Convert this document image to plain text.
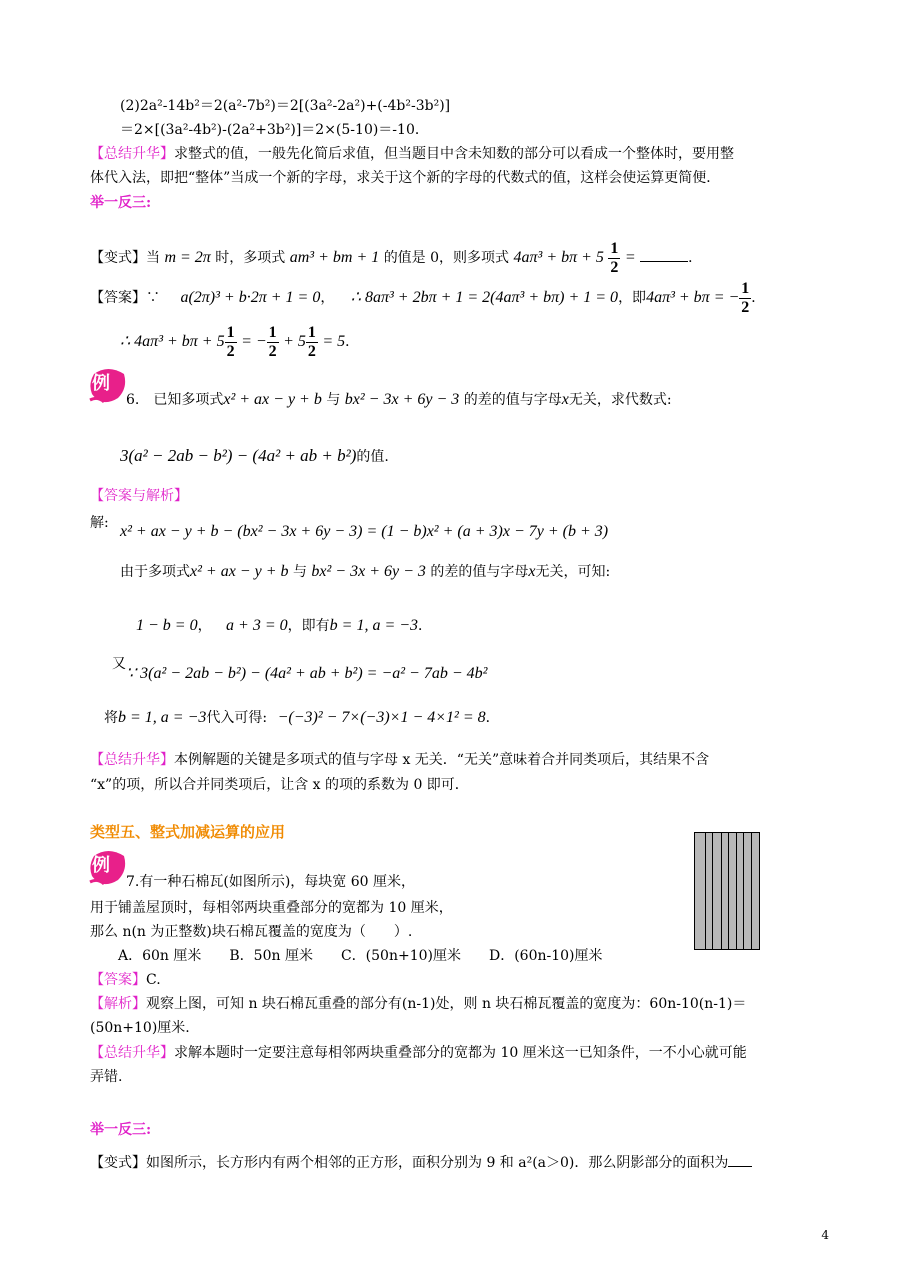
(2)2a²-14b²＝2(a²-7b²)＝2[(3a²-2a²)+(-4b²-3b²)]
＝2×[(3a²-4b²)-(2a²+3b²)]＝2×(5-10)＝-10．
【总结升华】求整式的值，一般先化简后求值，但当题目中含未知数的部分可以看成一个整体时，要用整
体代入法，即把“整体”当成一个新的字母，求关于这个新的字母的代数式的值，这样会使运算更简便．
举一反三:
【变式】当 m = 2π 时，多项式 am³ + bm + 1 的值是 0，则多项式 $4a\pi^3 + b\pi + 5 \frac{1}{2}$ =	．
【答案】∵ a(2π)³ + b·2π + 1 = 0， ∴ 8aπ³ + 2bπ + 1 = 2(4aπ³ + bπ) + 1 = 0，即4aπ³ + bπ = − $\frac{1}{2}$ ．
∴ $4a\pi^3 + b\pi + 5 \frac{1}{2}$ = − $\frac{1}{2} + 5 \frac{1}{2} = 5$．
例
6.　已知多项式x² + ax − y + b 与 bx² − 3x + 6y − 3 的差的值与字母x无关，求代数式:
3(a² − 2ab − b²) − (4a² + ab + b²)的值.
【答案与解析】
解: x² + ax − y + b − (bx² − 3x + 6y − 3) = (1 − b)x² + (a + 3)x − 7y + (b + 3)
由于多项式x² + ax − y + b 与 bx² − 3x + 6y − 3 的差的值与字母x无关，可知:
1 − b = 0， a + 3 = 0，即有b = 1, a = −3．
又
∵ 3(a² − 2ab − b²) − (4a² + ab + b²) = −a² − 7ab − 4b²
将b = 1, a = −3代入可得: −(−3)² − 7×(−3)×1 − 4×1² = 8．
【总结升华】本例解题的关键是多项式的值与字母 x 无关．“无关”意味着合并同类项后，其结果不含
“x”的项，所以合并同类项后，让含 x 的项的系数为 0 即可．
类型五、整式加减运算的应用
例
7.有一种石棉瓦(如图所示)，每块宽 60 厘米，
用于铺盖屋顶时，每相邻两块重叠部分的宽都为 10 厘米，
那么 n(n 为正整数)块石棉瓦覆盖的宽度为（　　）.
A．60n 厘米　　B．50n 厘米　　C．(50n+10)厘米　　D．(60n-10)厘米
【答案】C.
【解析】观察上图，可知 n 块石棉瓦重叠的部分有(n-1)处，则 n 块石棉瓦覆盖的宽度为：60n-10(n-1)＝
(50n+10)厘米.
【总结升华】求解本题时一定要注意每相邻两块重叠部分的宽都为 10 厘米这一已知条件，一不小心就可能
弄错.
举一反三:
【变式】如图所示，长方形内有两个相邻的正方形，面积分别为 9 和 a²(a＞0)．那么阴影部分的面积为
4
